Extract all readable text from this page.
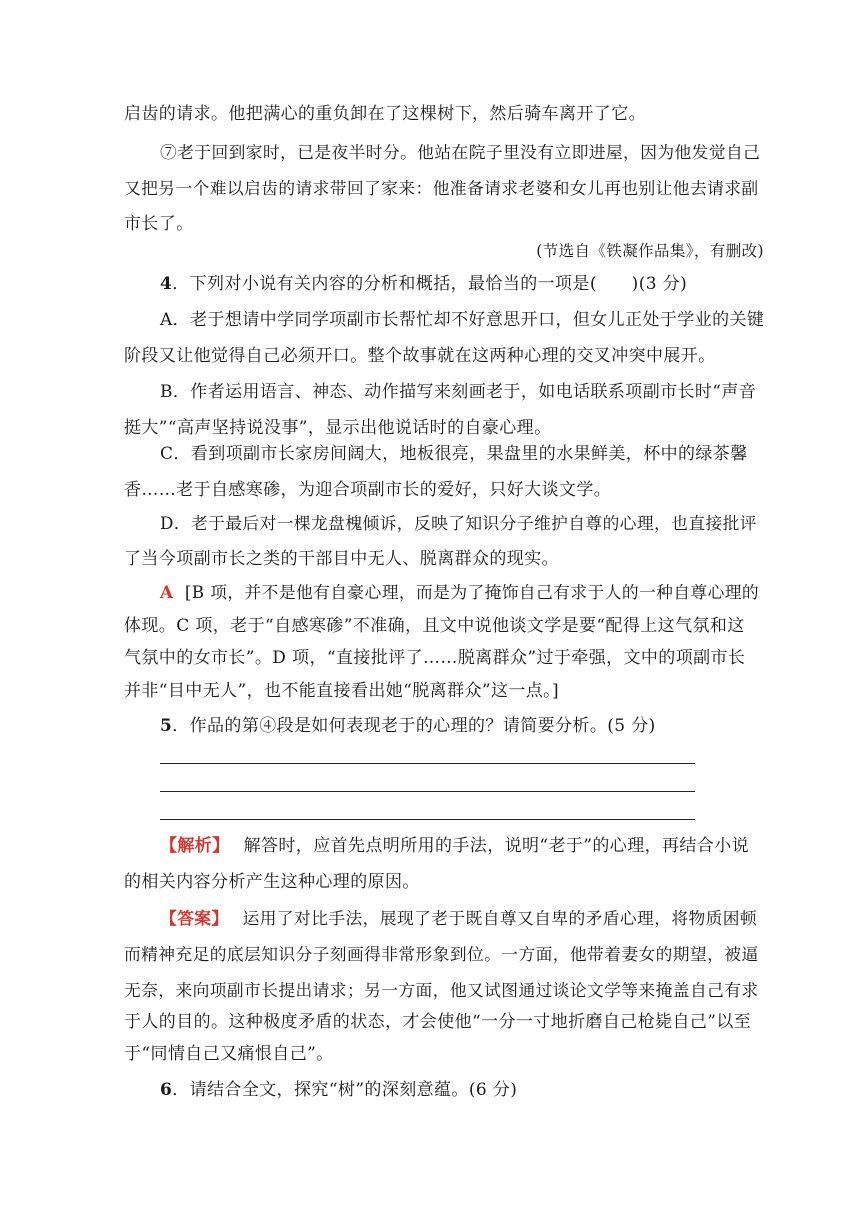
启齿的请求。他把满心的重负卸在了这棵树下，然后骑车离开了它。
⑦老于回到家时，已是夜半时分。他站在院子里没有立即进屋，因为他发觉自己
又把另一个难以启齿的请求带回了家来：他准备请求老婆和女儿再也别让他去请求副
市长了。
(节选自《铁凝作品集》，有删改)
4．下列对小说有关内容的分析和概括，最恰当的一项是(　　)(3 分)
A．老于想请中学同学项副市长帮忙却不好意思开口，但女儿正处于学业的关键
阶段又让他觉得自己必须开口。整个故事就在这两种心理的交叉冲突中展开。
B．作者运用语言、神态、动作描写来刻画老于，如电话联系项副市长时“声音
挺大”“高声坚持说没事”，显示出他说话时的自豪心理。
C．看到项副市长家房间阔大，地板很亮，果盘里的水果鲜美，杯中的绿茶馨
香……老于自感寒碜，为迎合项副市长的爱好，只好大谈文学。
D．老于最后对一棵龙盘槐倾诉，反映了知识分子维护自尊的心理，也直接批评
了当今项副市长之类的干部目中无人、脱离群众的现实。
A [B 项，并不是他有自豪心理，而是为了掩饰自己有求于人的一种自尊心理的
体现。C 项，老于“自感寒碜”不准确，且文中说他谈文学是要“配得上这气氛和这
气氛中的女市长”。D 项，“直接批评了……脱离群众”过于牵强，文中的项副市长
并非“目中无人”，也不能直接看出她“脱离群众”这一点。]
5．作品的第④段是如何表现老于的心理的？请简要分析。(5 分)
【解析】 解答时，应首先点明所用的手法，说明“老于”的心理，再结合小说
的相关内容分析产生这种心理的原因。
【答案】 运用了对比手法，展现了老于既自尊又自卑的矛盾心理，将物质困顿
而精神充足的底层知识分子刻画得非常形象到位。一方面，他带着妻女的期望，被逼
无奈，来向项副市长提出请求；另一方面，他又试图通过谈论文学等来掩盖自己有求
于人的目的。这种极度矛盾的状态，才会使他“一分一寸地折磨自己枪毙自己”以至
于“同情自己又痛恨自己”。
6．请结合全文，探究“树”的深刻意蕴。(6 分)
